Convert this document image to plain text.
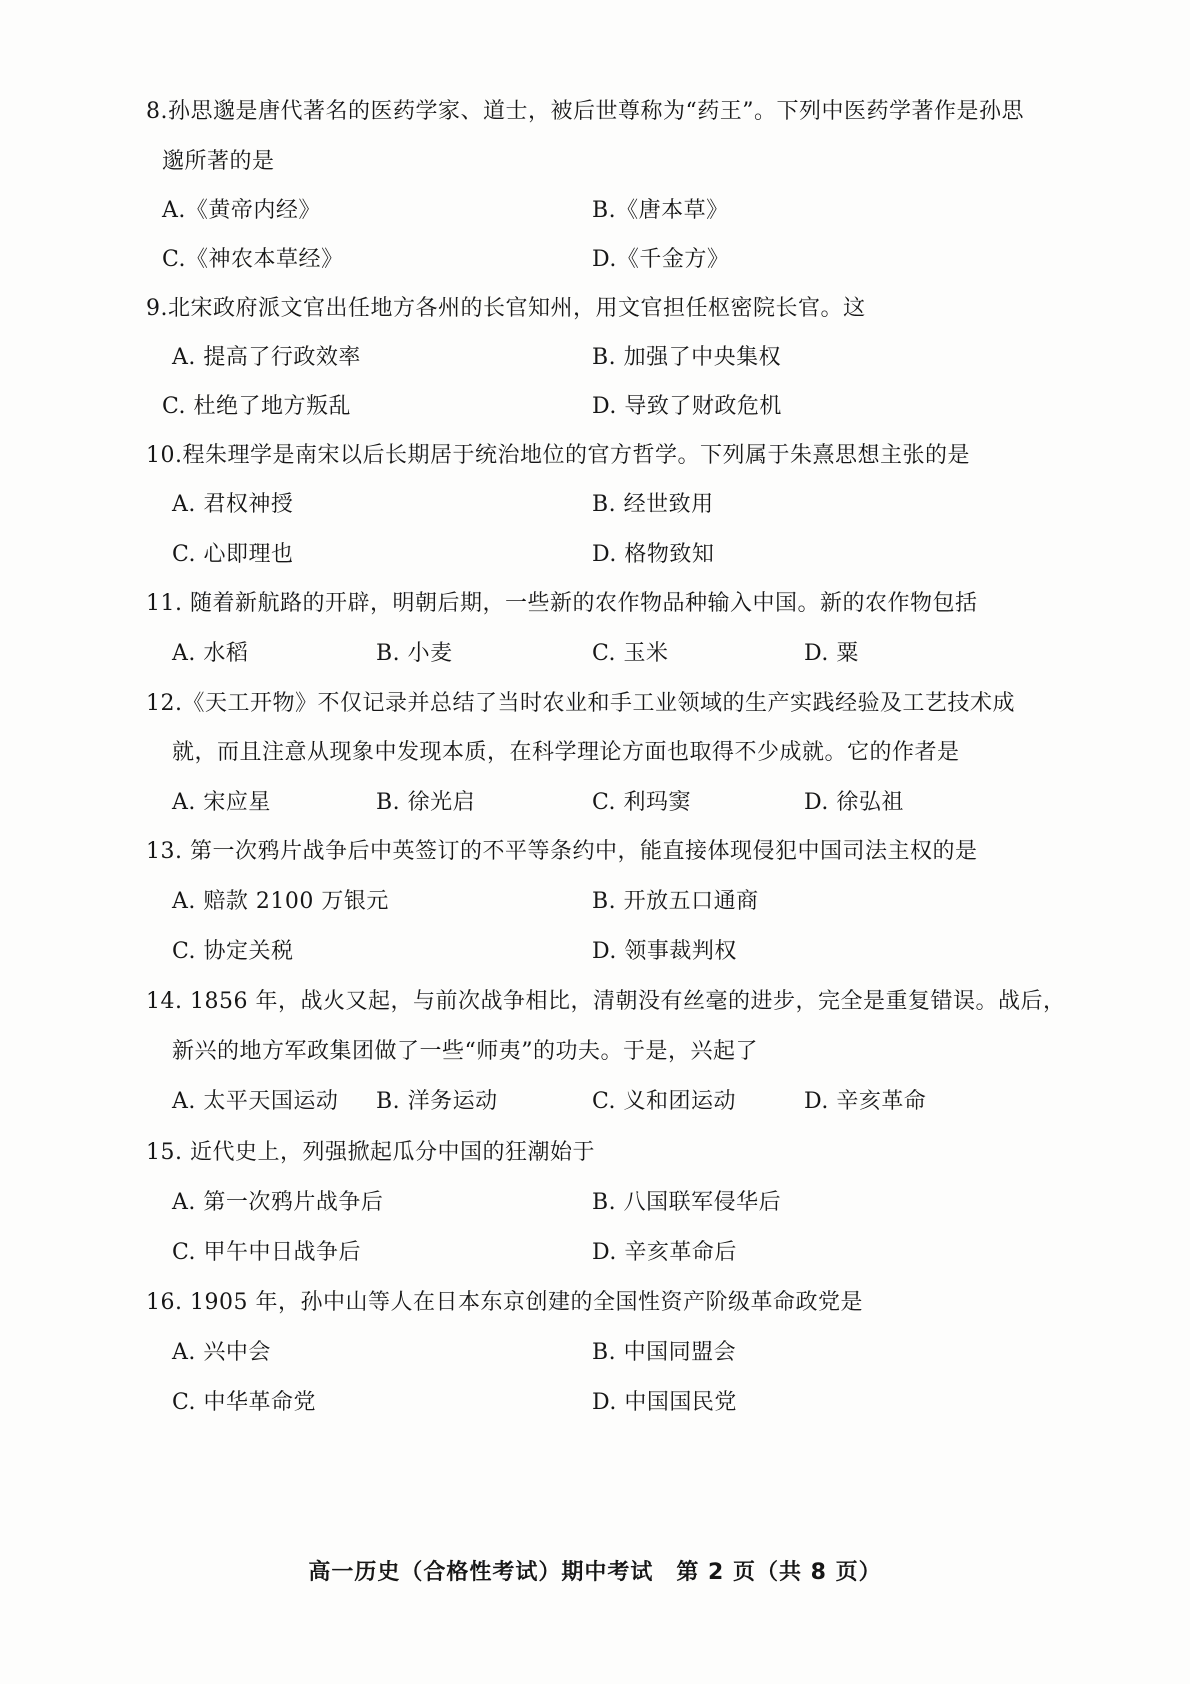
8.孙思邈是唐代著名的医药学家、道士，被后世尊称为“药王”。下列中医药学著作是孙思
邈所著的是
A.《黄帝内经》	B.《唐本草》
C.《神农本草经》	D.《千金方》
9.北宋政府派文官出任地方各州的长官知州，用文官担任枢密院长官。这
A. 提高了行政效率	B. 加强了中央集权
C. 杜绝了地方叛乱	D. 导致了财政危机
10.程朱理学是南宋以后长期居于统治地位的官方哲学。下列属于朱熹思想主张的是
A. 君权神授	B. 经世致用
C. 心即理也	D. 格物致知
11. 随着新航路的开辟，明朝后期，一些新的农作物品种输入中国。新的农作物包括
A. 水稻	B. 小麦	C. 玉米	D. 粟
12.《天工开物》不仅记录并总结了当时农业和手工业领域的生产实践经验及工艺技术成
就，而且注意从现象中发现本质，在科学理论方面也取得不少成就。它的作者是
A. 宋应星	B. 徐光启	C. 利玛窦	D. 徐弘祖
13. 第一次鸦片战争后中英签订的不平等条约中，能直接体现侵犯中国司法主权的是
A. 赔款 2100 万银元	B. 开放五口通商
C. 协定关税	D. 领事裁判权
14. 1856 年，战火又起，与前次战争相比，清朝没有丝毫的进步，完全是重复错误。战后，
新兴的地方军政集团做了一些“师夷”的功夫。于是，兴起了
A. 太平天国运动 B. 洋务运动	C. 义和团运动	D. 辛亥革命
15. 近代史上，列强掀起瓜分中国的狂潮始于
A. 第一次鸦片战争后	B. 八国联军侵华后
C. 甲午中日战争后	D. 辛亥革命后
16. 1905 年，孙中山等人在日本东京创建的全国性资产阶级革命政党是
A. 兴中会	B. 中国同盟会
C. 中华革命党	D. 中国国民党
高一历史（合格性考试）期中考试　第 2 页（共 8 页）
